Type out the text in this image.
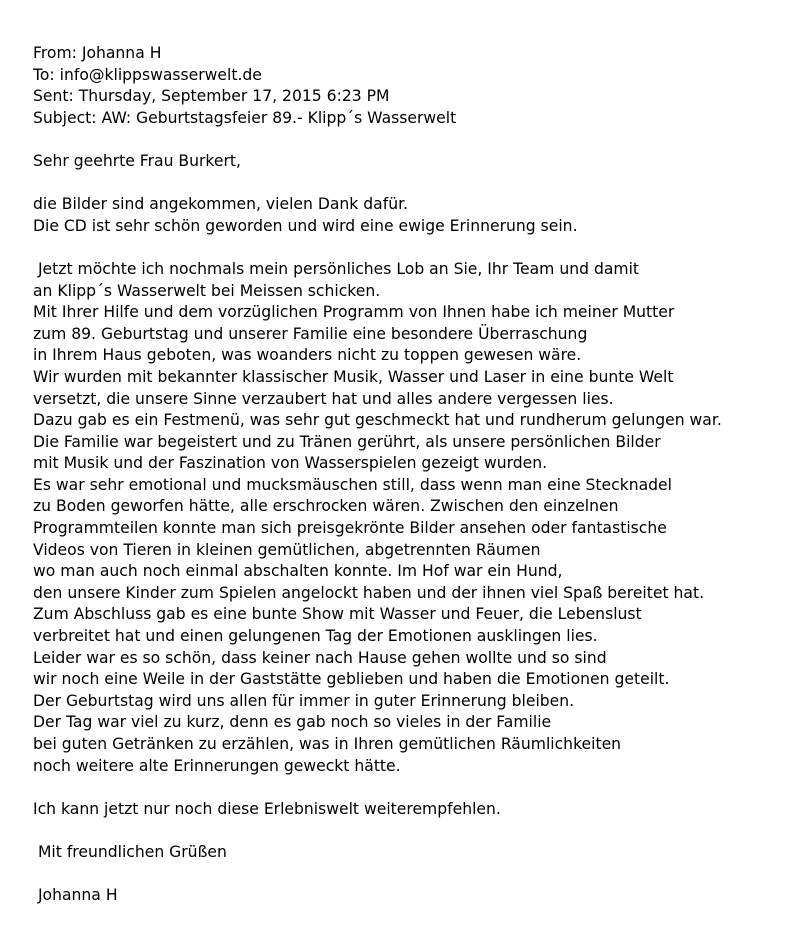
From: Johanna H
To: info@klippswasserwelt.de
Sent: Thursday, September 17, 2015 6:23 PM
Subject: AW: Geburtstagsfeier 89.- Klipp´s Wasserwelt
Sehr geehrte Frau Burkert,
die Bilder sind angekommen, vielen Dank dafür.
Die CD ist sehr schön geworden und wird eine ewige Erinnerung sein.
Jetzt möchte ich nochmals mein persönliches Lob an Sie, Ihr Team und damit
an Klipp´s Wasserwelt bei Meissen schicken.
Mit Ihrer Hilfe und dem vorzüglichen Programm von Ihnen habe ich meiner Mutter
zum 89. Geburtstag und unserer Familie eine besondere Überraschung
in Ihrem Haus geboten, was woanders nicht zu toppen gewesen wäre.
Wir wurden mit bekannter klassischer Musik, Wasser und Laser in eine bunte Welt
versetzt, die unsere Sinne verzaubert hat und alles andere vergessen lies.
Dazu gab es ein Festmenü, was sehr gut geschmeckt hat und rundherum gelungen war.
Die Familie war begeistert und zu Tränen gerührt, als unsere persönlichen Bilder
mit Musik und der Faszination von Wasserspielen gezeigt wurden.
Es war sehr emotional und mucksmäuschen still, dass wenn man eine Stecknadel
zu Boden geworfen hätte, alle erschrocken wären. Zwischen den einzelnen
Programmteilen konnte man sich preisgekrönte Bilder ansehen oder fantastische
Videos von Tieren in kleinen gemütlichen, abgetrennten Räumen
wo man auch noch einmal abschalten konnte. Im Hof war ein Hund,
den unsere Kinder zum Spielen angelockt haben und der ihnen viel Spaß bereitet hat.
Zum Abschluss gab es eine bunte Show mit Wasser und Feuer, die Lebenslust
verbreitet hat und einen gelungenen Tag der Emotionen ausklingen lies.
Leider war es so schön, dass keiner nach Hause gehen wollte und so sind
wir noch eine Weile in der Gaststätte geblieben und haben die Emotionen geteilt.
Der Geburtstag wird uns allen für immer in guter Erinnerung bleiben.
Der Tag war viel zu kurz, denn es gab noch so vieles in der Familie
bei guten Getränken zu erzählen, was in Ihren gemütlichen Räumlichkeiten
noch weitere alte Erinnerungen geweckt hätte.
Ich kann jetzt nur noch diese Erlebniswelt weiterempfehlen.
Mit freundlichen Grüßen
Johanna H
